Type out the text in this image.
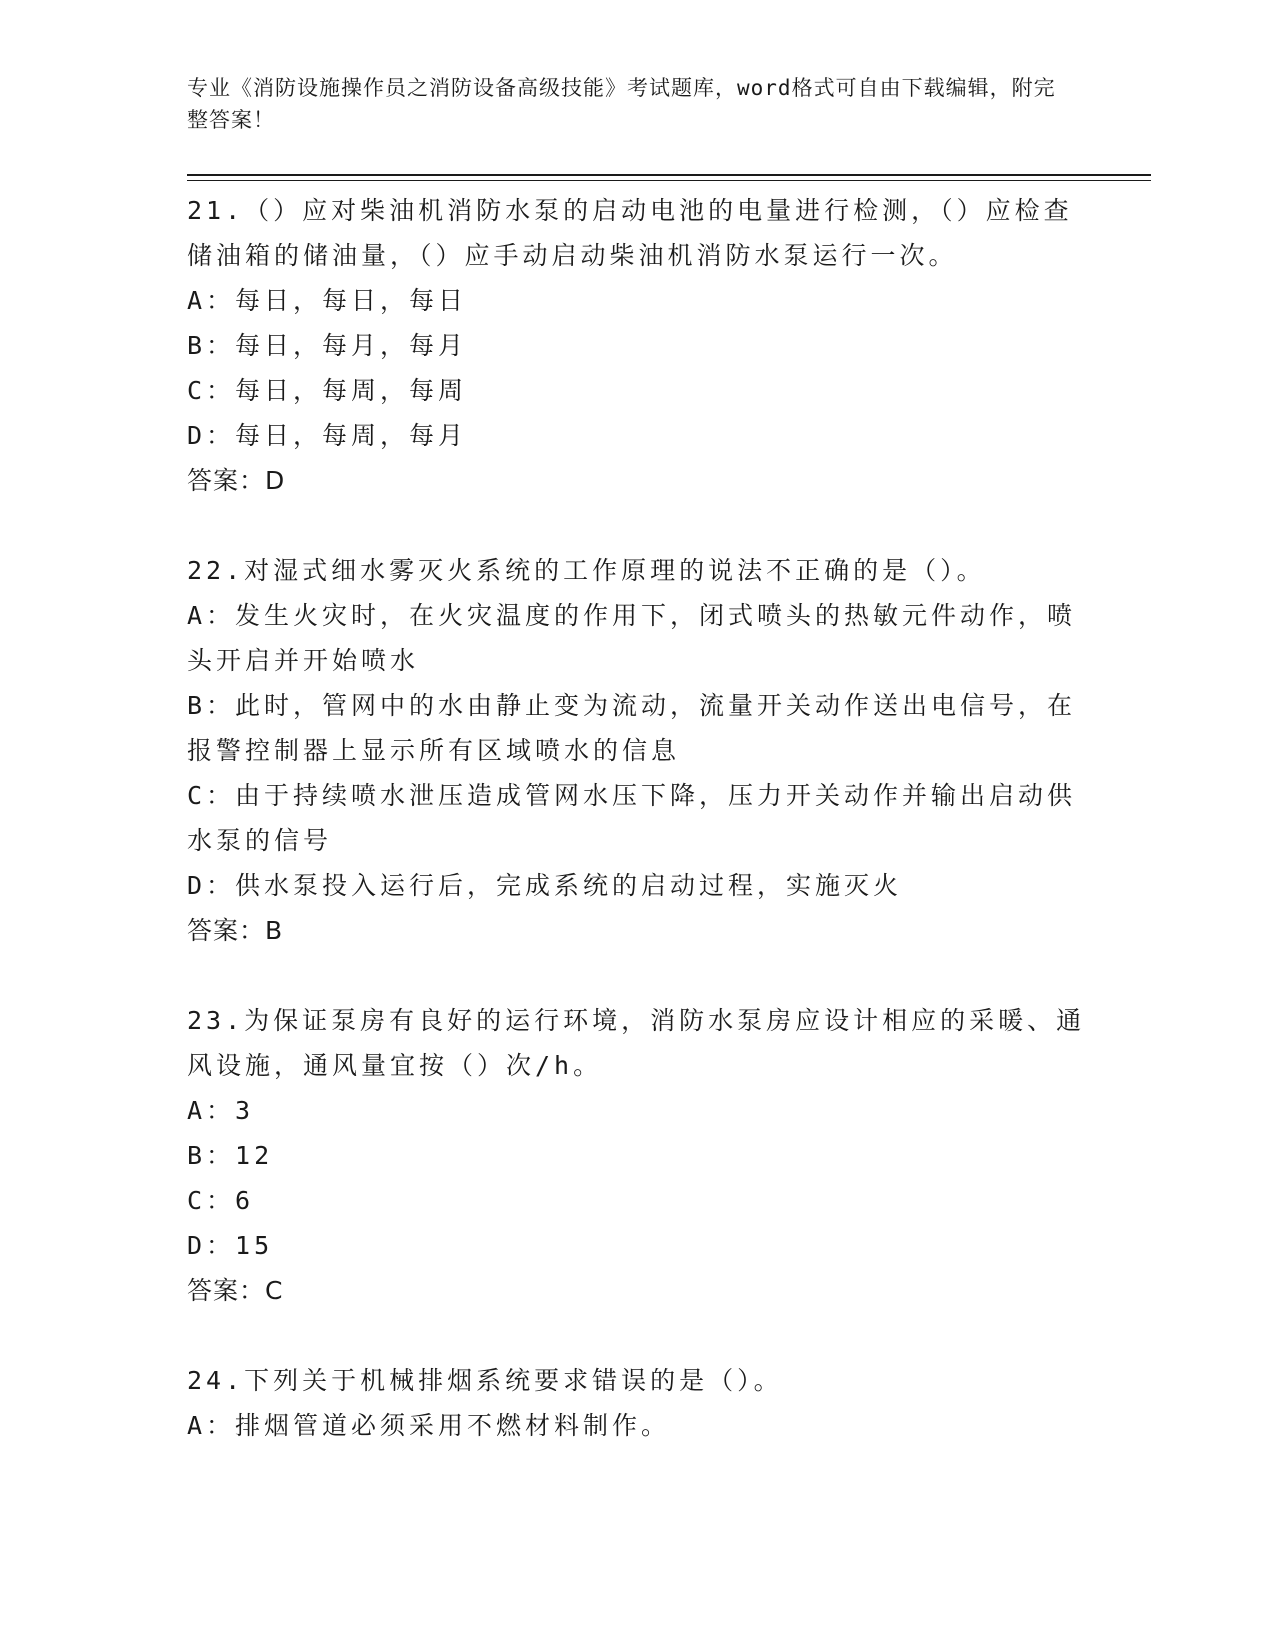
专业《消防设施操作员之消防设备高级技能》考试题库，word格式可自由下载编辑，附完整答案！

21.（）应对柴油机消防水泵的启动电池的电量进行检测，（）应检查储油箱的储油量，（）应手动启动柴油机消防水泵运行一次。

A：每日，每日，每日

B：每日，每月，每月

C：每日，每周，每周

D：每日，每周，每月

答案：D

22.对湿式细水雾灭火系统的工作原理的说法不正确的是（）。

A：发生火灾时，在火灾温度的作用下，闭式喷头的热敏元件动作，喷头开启并开始喷水

B：此时，管网中的水由静止变为流动，流量开关动作送出电信号，在报警控制器上显示所有区域喷水的信息

C：由于持续喷水泄压造成管网水压下降，压力开关动作并输出启动供水泵的信号

D：供水泵投入运行后，完成系统的启动过程，实施灭火

答案：B

23.为保证泵房有良好的运行环境，消防水泵房应设计相应的采暖、通风设施，通风量宜按（）次/h。

A：3

B：12

C：6

D：15

答案：C

24.下列关于机械排烟系统要求错误的是（）。

A：排烟管道必须采用不燃材料制作。
